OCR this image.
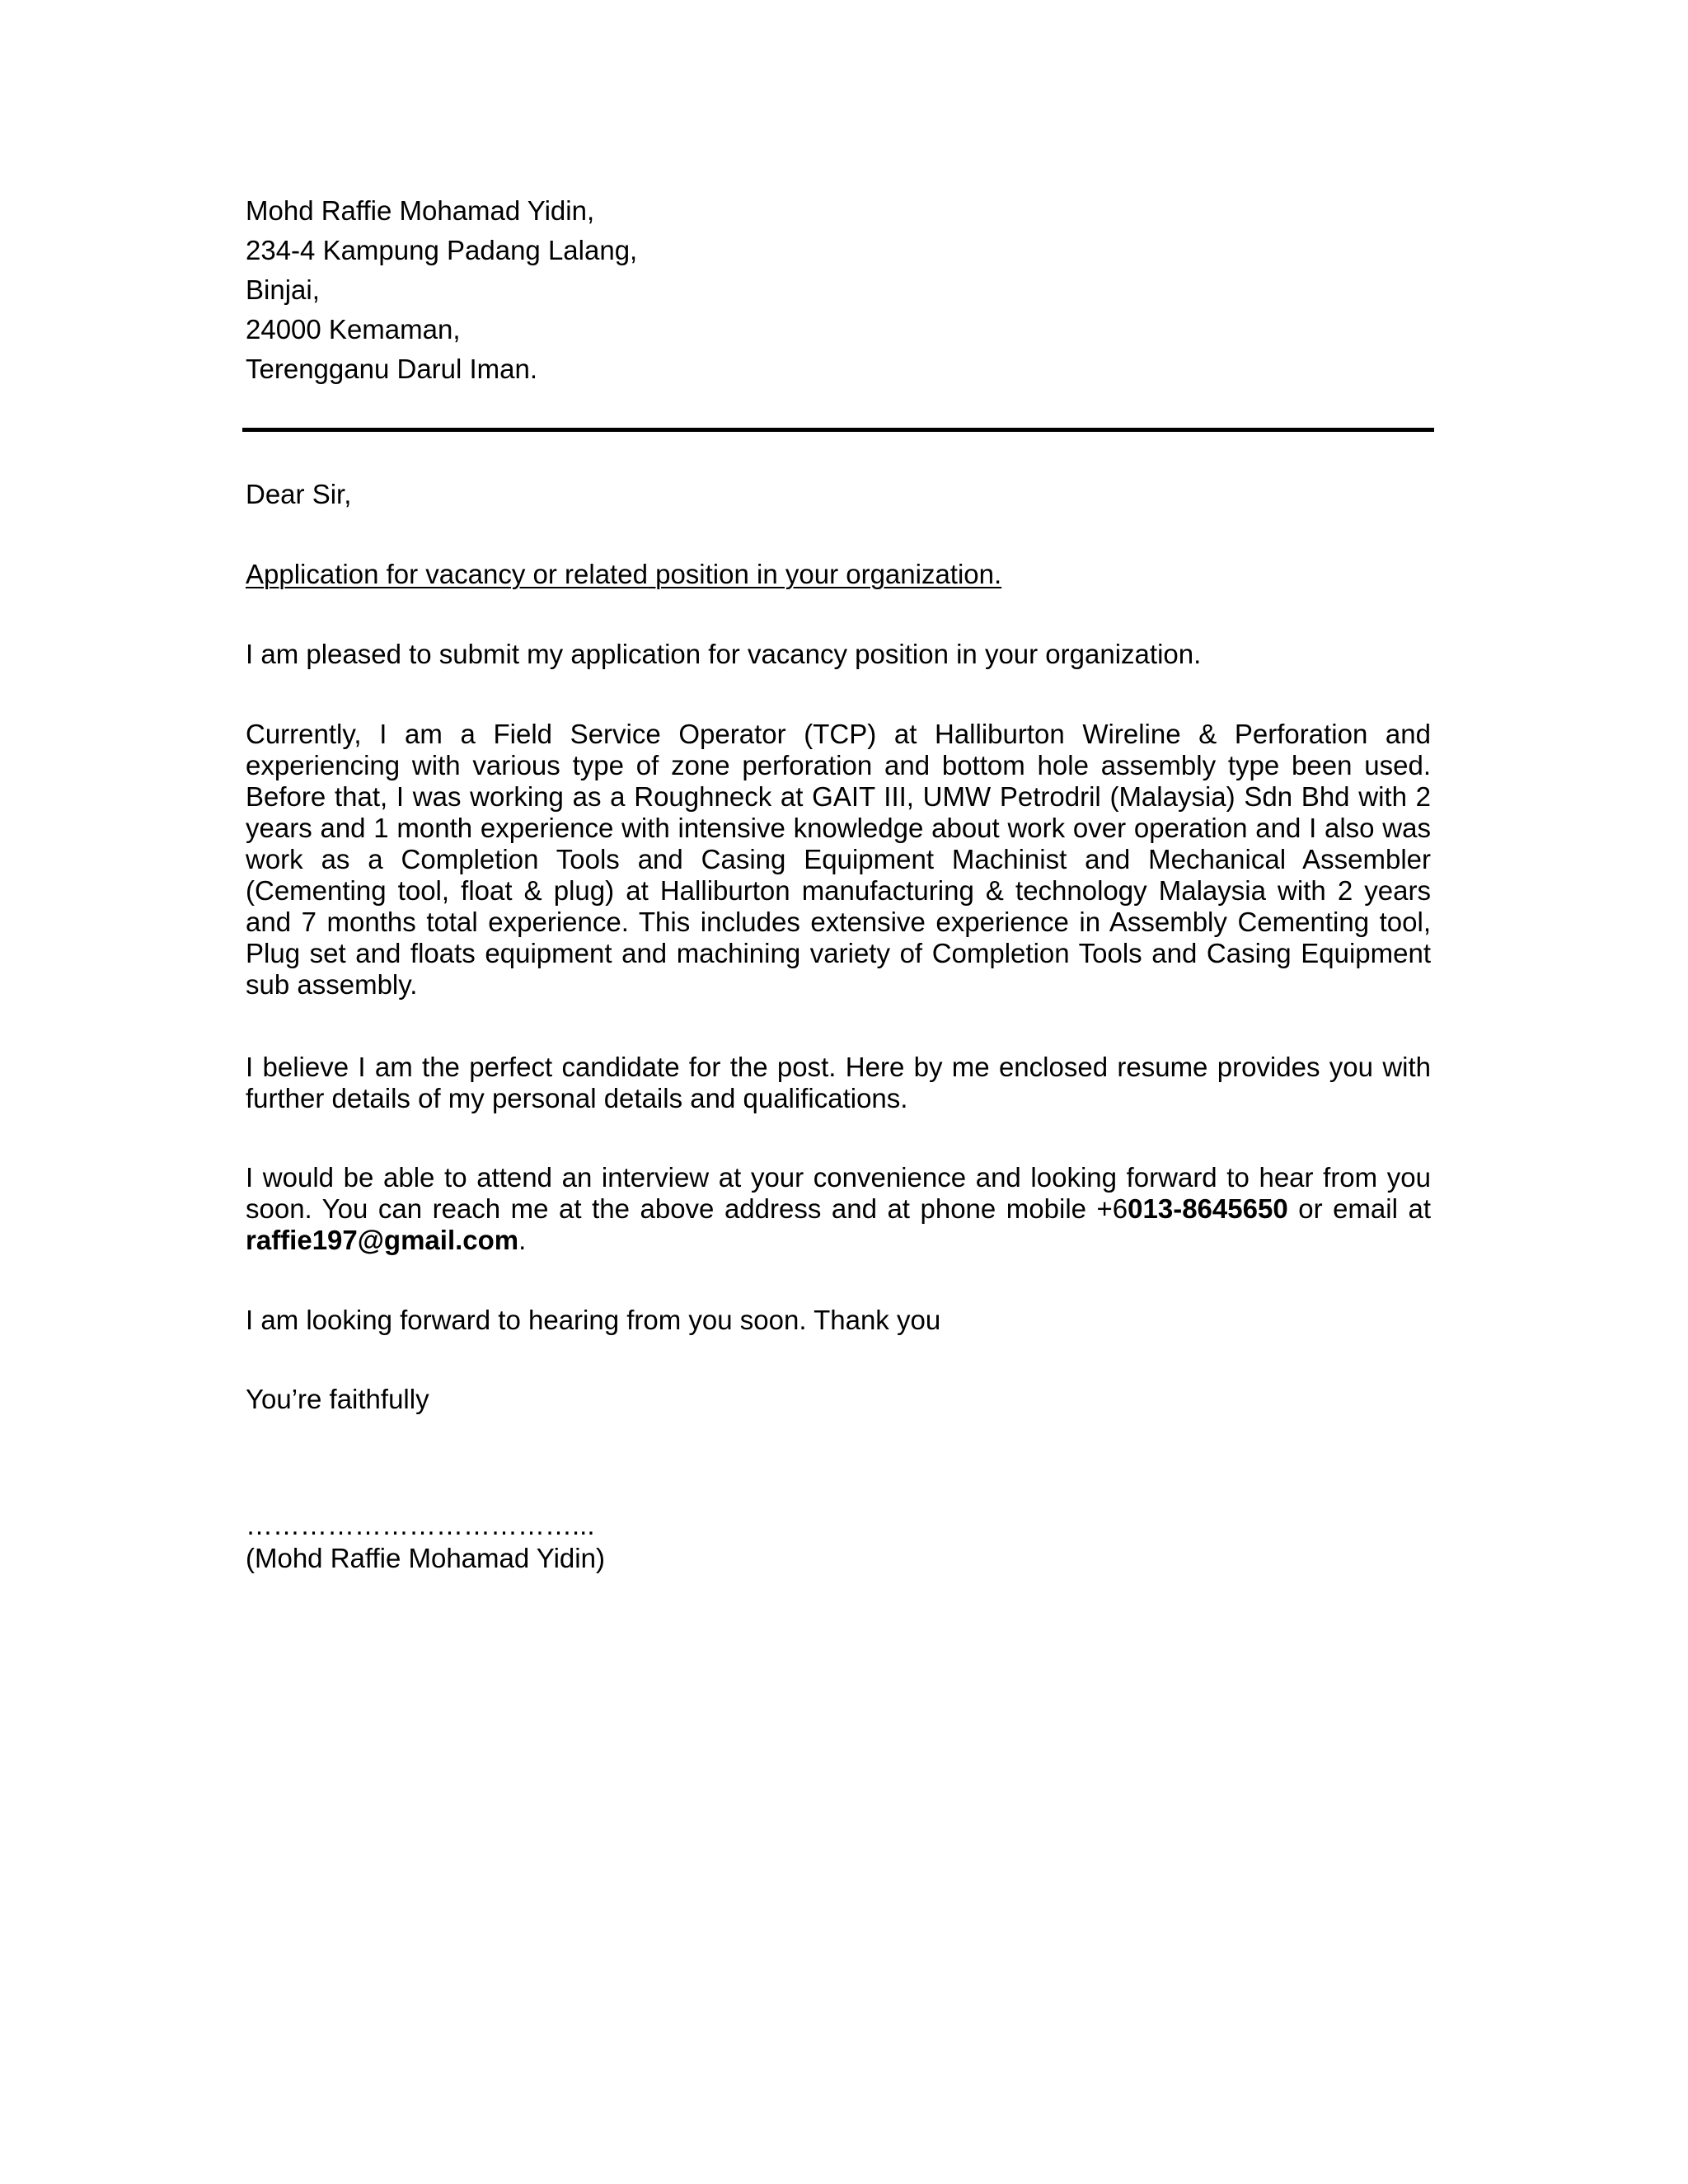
Mohd Raffie Mohamad Yidin,
234-4 Kampung Padang Lalang,
Binjai,
24000 Kemaman,
Terengganu Darul Iman.

Dear Sir,

Application for vacancy or related position in your organization.

I am pleased to submit my application for vacancy position in your organization.

Currently, I am a Field Service Operator (TCP) at Halliburton Wireline & Perforation and experiencing with various type of zone perforation and bottom hole assembly type been used. Before that, I was working as a Roughneck at GAIT III, UMW Petrodril (Malaysia) Sdn Bhd with 2 years and 1 month experience with intensive knowledge about work over operation and I also was work as a Completion Tools and Casing Equipment Machinist and Mechanical Assembler (Cementing tool, float & plug) at Halliburton manufacturing & technology Malaysia with 2 years and 7 months total experience. This includes extensive experience in Assembly Cementing tool, Plug set and floats equipment and machining variety of Completion Tools and Casing Equipment sub assembly.

I believe I am the perfect candidate for the post. Here by me enclosed resume provides you with further details of my personal details and qualifications.

I would be able to attend an interview at your convenience and looking forward to hear from you soon. You can reach me at the above address and at phone mobile +6013-8645650 or email at raffie197@gmail.com.

I am looking forward to hearing from you soon. Thank you

You’re faithfully

………………………………...

(Mohd Raffie Mohamad Yidin)
